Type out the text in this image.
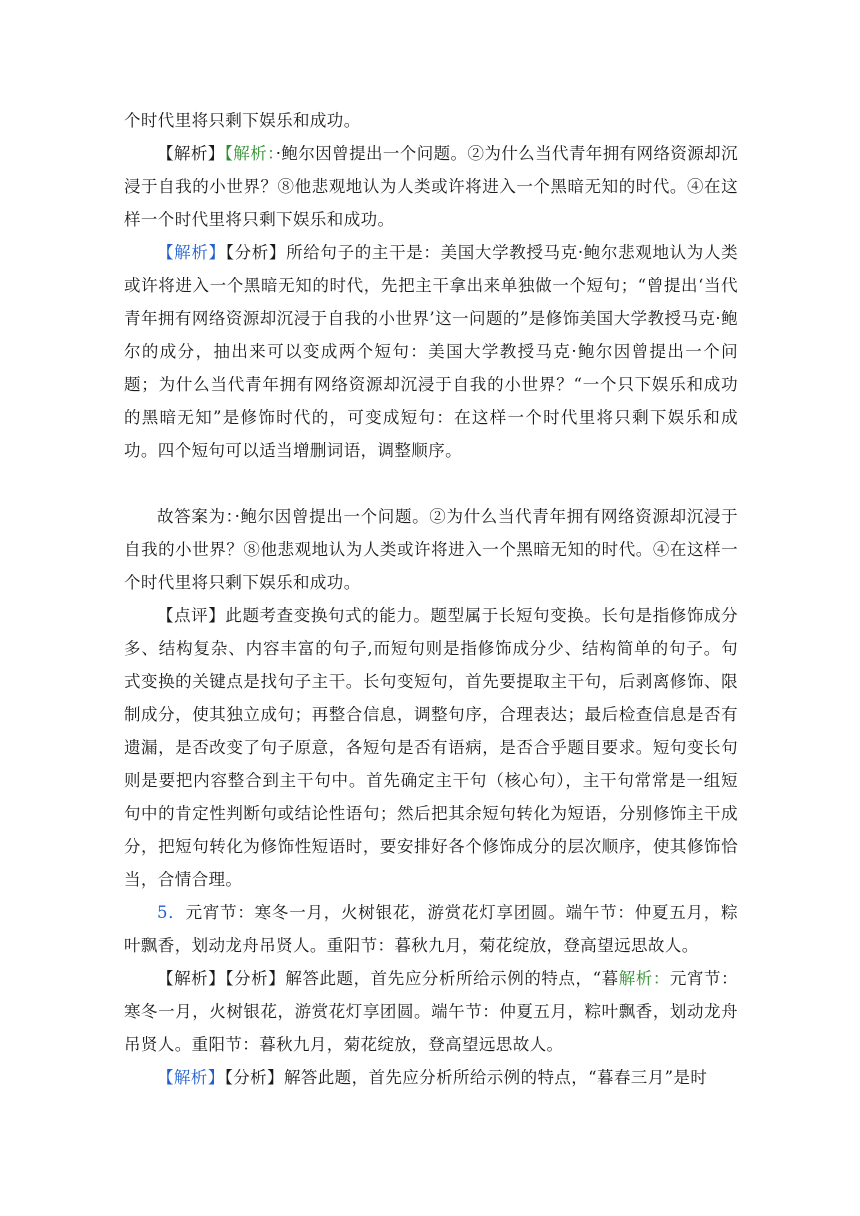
个时代里将只剩下娱乐和成功。

【解析】【解析：·鲍尔因曾提出一个问题。②为什么当代青年拥有网络资源却沉浸于自我的小世界？⑧他悲观地认为人类或许将进入一个黑暗无知的时代。④在这样一个时代里将只剩下娱乐和成功。

【解析】【分析】所给句子的主干是：美国大学教授马克·鲍尔悲观地认为人类或许将进入一个黑暗无知的时代，先把主干拿出来单独做一个短句；“曾提出‘当代青年拥有网络资源却沉浸于自我的小世界’这一问题的”是修饰美国大学教授马克·鲍尔的成分，抽出来可以变成两个短句：美国大学教授马克·鲍尔因曾提出一个问题；为什么当代青年拥有网络资源却沉浸于自我的小世界？“一个只下娱乐和成功的黑暗无知”是修饰时代的，可变成短句：在这样一个时代里将只剩下娱乐和成功。四个短句可以适当增删词语，调整顺序。

故答案为：·鲍尔因曾提出一个问题。②为什么当代青年拥有网络资源却沉浸于自我的小世界？⑧他悲观地认为人类或许将进入一个黑暗无知的时代。④在这样一个时代里将只剩下娱乐和成功。

【点评】此题考查变换句式的能力。题型属于长短句变换。长句是指修饰成分多、结构复杂、内容丰富的句子,而短句则是指修饰成分少、结构简单的句子。句式变换的关键点是找句子主干。长句变短句，首先要提取主干句，后剥离修饰、限制成分，使其独立成句；再整合信息，调整句序，合理表达；最后检查信息是否有遗漏，是否改变了句子原意，各短句是否有语病，是否合乎题目要求。短句变长句则是要把内容整合到主干句中。首先确定主干句（核心句），主干句常常是一组短句中的肯定性判断句或结论性语句；然后把其余短句转化为短语，分别修饰主干成分，把短句转化为修饰性短语时，要安排好各个修饰成分的层次顺序，使其修饰恰当，合情合理。

5．元宵节：寒冬一月，火树银花，游赏花灯享团圆。端午节：仲夏五月，粽叶飘香，划动龙舟吊贤人。重阳节：暮秋九月，菊花绽放，登高望远思故人。

【解析】【分析】解答此题，首先应分析所给示例的特点，“暮解析：元宵节：寒冬一月，火树银花，游赏花灯享团圆。端午节：仲夏五月，粽叶飘香，划动龙舟吊贤人。重阳节：暮秋九月，菊花绽放，登高望远思故人。

【解析】【分析】解答此题，首先应分析所给示例的特点，“暮春三月”是时
